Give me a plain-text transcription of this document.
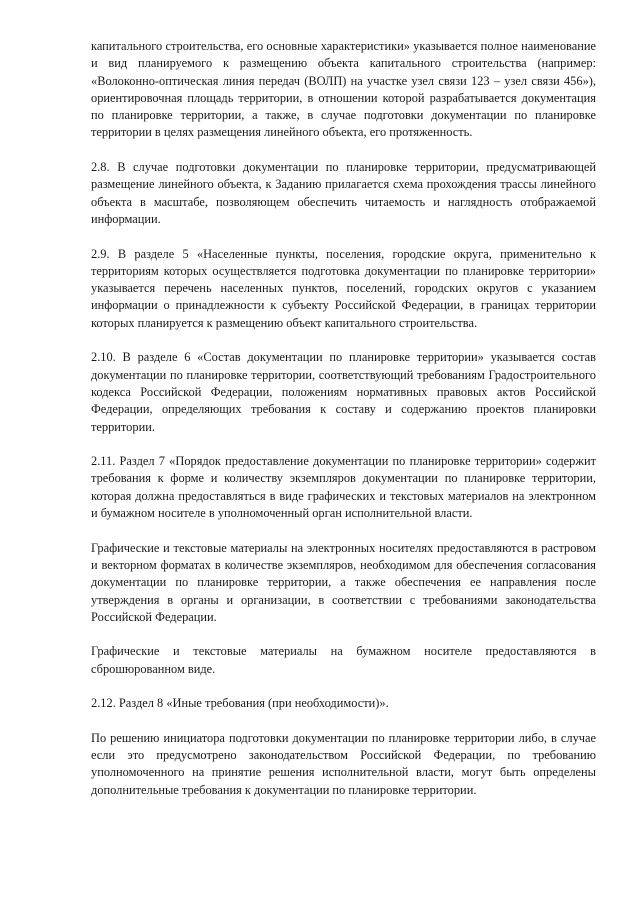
капитального строительства, его основные характеристики» указывается полное наименование и вид планируемого к размещению объекта капитального строительства (например: «Волоконно-оптическая линия передач (ВОЛП) на участке узел связи 123 – узел связи 456»), ориентировочная площадь территории, в отношении которой разрабатывается документация по планировке территории, а также, в случае подготовки документации по планировке территории в целях размещения линейного объекта, его протяженность.

2.8. В случае подготовки документации по планировке территории, предусматривающей размещение линейного объекта, к Заданию прилагается схема прохождения трассы линейного объекта в масштабе, позволяющем обеспечить читаемость и наглядность отображаемой информации.

2.9. В разделе 5 «Населенные пункты, поселения, городские округа, применительно к территориям которых осуществляется подготовка документации по планировке территории» указывается перечень населенных пунктов, поселений, городских округов с указанием информации о принадлежности к субъекту Российской Федерации, в границах территории которых планируется к размещению объект капитального строительства.

2.10. В разделе 6 «Состав документации по планировке территории» указывается состав документации по планировке территории, соответствующий требованиям Градостроительного кодекса Российской Федерации, положениям нормативных правовых актов Российской Федерации, определяющих требования к составу и содержанию проектов планировки территории.

2.11. Раздел 7 «Порядок предоставление документации по планировке территории» содержит требования к форме и количеству экземпляров документации по планировке территории, которая должна предоставляться в виде графических и текстовых материалов на электронном и бумажном носителе в уполномоченный орган исполнительной власти.

Графические и текстовые материалы на электронных носителях предоставляются в растровом и векторном форматах в количестве экземпляров, необходимом для обеспечения согласования документации по планировке территории, а также обеспечения ее направления после утверждения в органы и организации, в соответствии с требованиями законодательства Российской Федерации.

Графические и текстовые материалы на бумажном носителе предоставляются в сброшюрованном виде.

2.12. Раздел 8 «Иные требования (при необходимости)».

По решению инициатора подготовки документации по планировке территории либо, в случае если это предусмотрено законодательством Российской Федерации, по требованию уполномоченного на принятие решения исполнительной власти, могут быть определены дополнительные требования к документации по планировке территории.
